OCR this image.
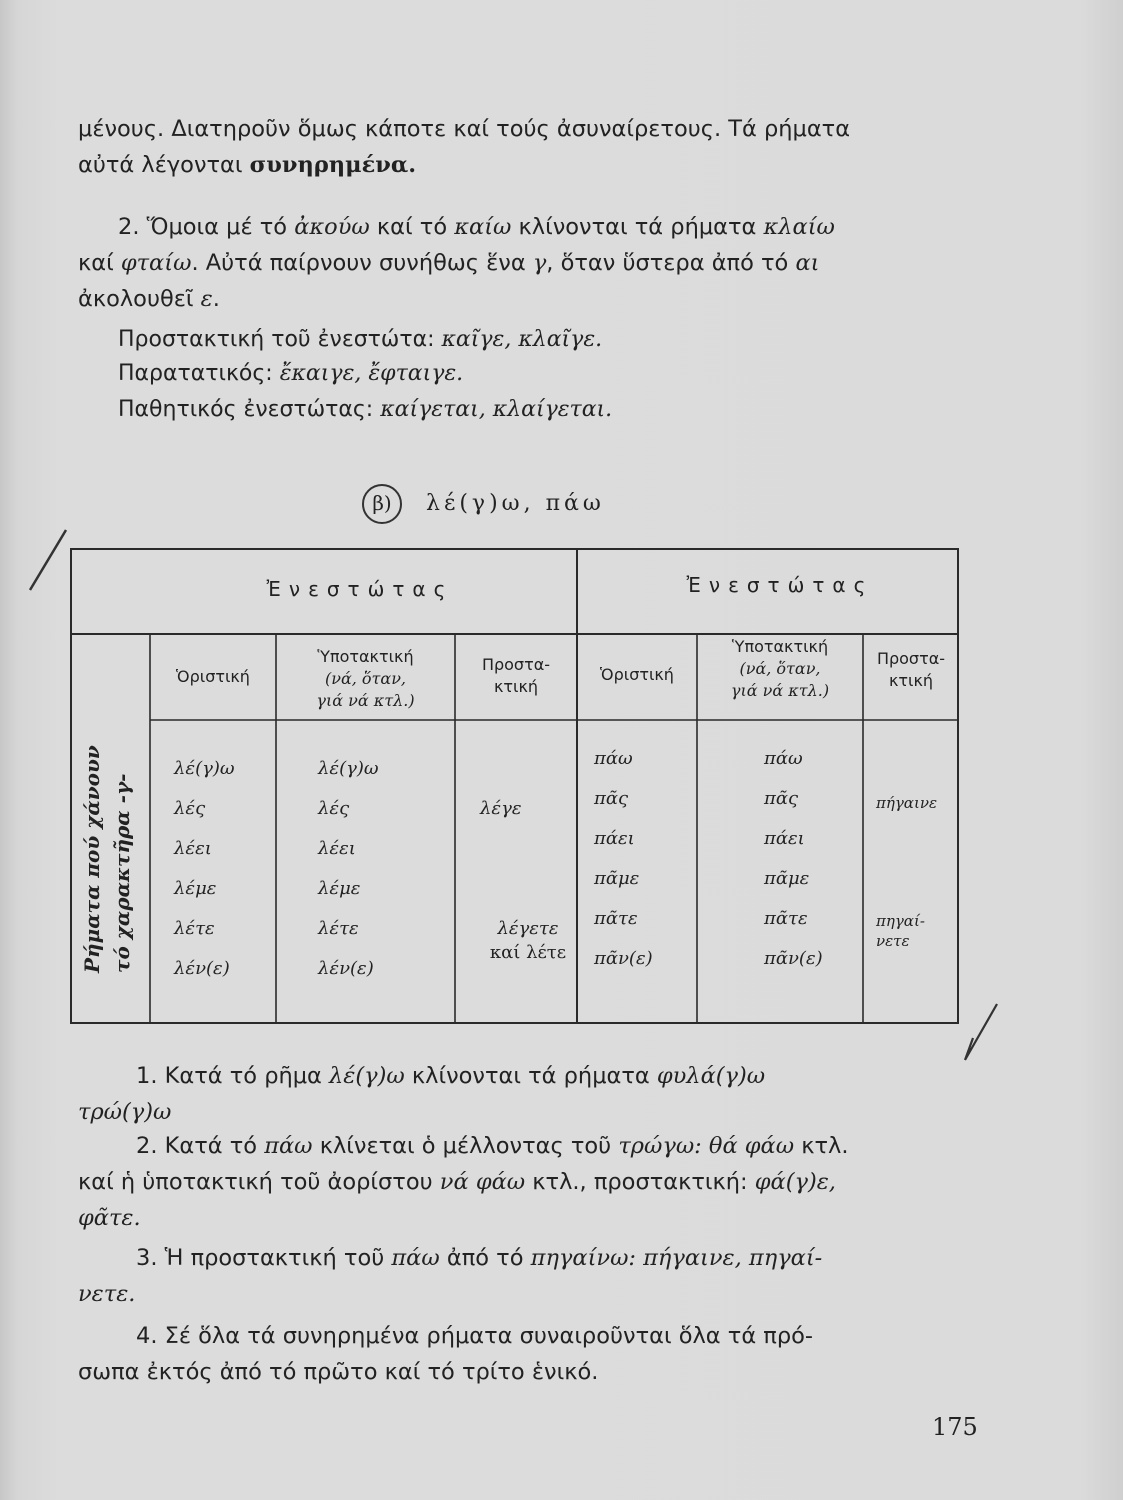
μένους. Διατηροῦν ὅμως κάποτε καί τούς ἀσυναίρετους. Τά ρήματα
αὐτά λέγονται συνηρημένα.
2. Ὅμοια μέ τό ἀκούω καί τό καίω κλίνονται τά ρήματα κλαίω
καί φταίω. Αὐτά παίρνουν συνήθως ἕνα γ, ὅταν ὕστερα ἀπό τό αι
ἀκολουθεῖ ε.
Προστακτική τοῦ ἐνεστώτα: καῖγε, κλαῖγε.
Παρατατικός: ἔκαιγε, ἔφταιγε.
Παθητικός ἐνεστώτας: καίγεται, κλαίγεται.
β) λέ(γ)ω, πάω
Ἐνεστώτας	Ἐνεστώτας
Ὁριστική
Ὑποτακτική
(νά, ὅταν,
γιά νά κτλ.)
Προστα-
κτική
Ὁριστική
Ὑποτακτική
(νά, ὅταν,
γιά νά κτλ.)
Προστα-
κτική
Ρήματα πού χάνουν τό χαρακτῆρα -γ-
λέ(γ)ω
λές
λέει
λέμε
λέτε
λέν(ε)
λέ(γ)ω
λές
λέει
λέμε
λέτε
λέν(ε)
λέγε
λέγετε
καί λέτε
πάω
πᾶς
πάει
πᾶμε
πᾶτε
πᾶν(ε)
πάω
πᾶς
πάει
πᾶμε
πᾶτε
πᾶν(ε)
πήγαινε
πηγαί-
νετε
1. Κατά τό ρῆμα λέ(γ)ω κλίνονται τά ρήματα φυλά(γ)ω
τρώ(γ)ω
2. Κατά τό πάω κλίνεται ὁ μέλλοντας τοῦ τρώγω: θά φάω κτλ.
καί ἡ ὑποτακτική τοῦ ἀορίστου νά φάω κτλ., προστακτική: φά(γ)ε,
φᾶτε.
3. Ἡ προστακτική τοῦ πάω ἀπό τό πηγαίνω: πήγαινε, πηγαί-
νετε.
4. Σέ ὅλα τά συνηρημένα ρήματα συναιροῦνται ὅλα τά πρό-
σωπα ἐκτός ἀπό τό πρῶτο καί τό τρίτο ἑνικό.
175
